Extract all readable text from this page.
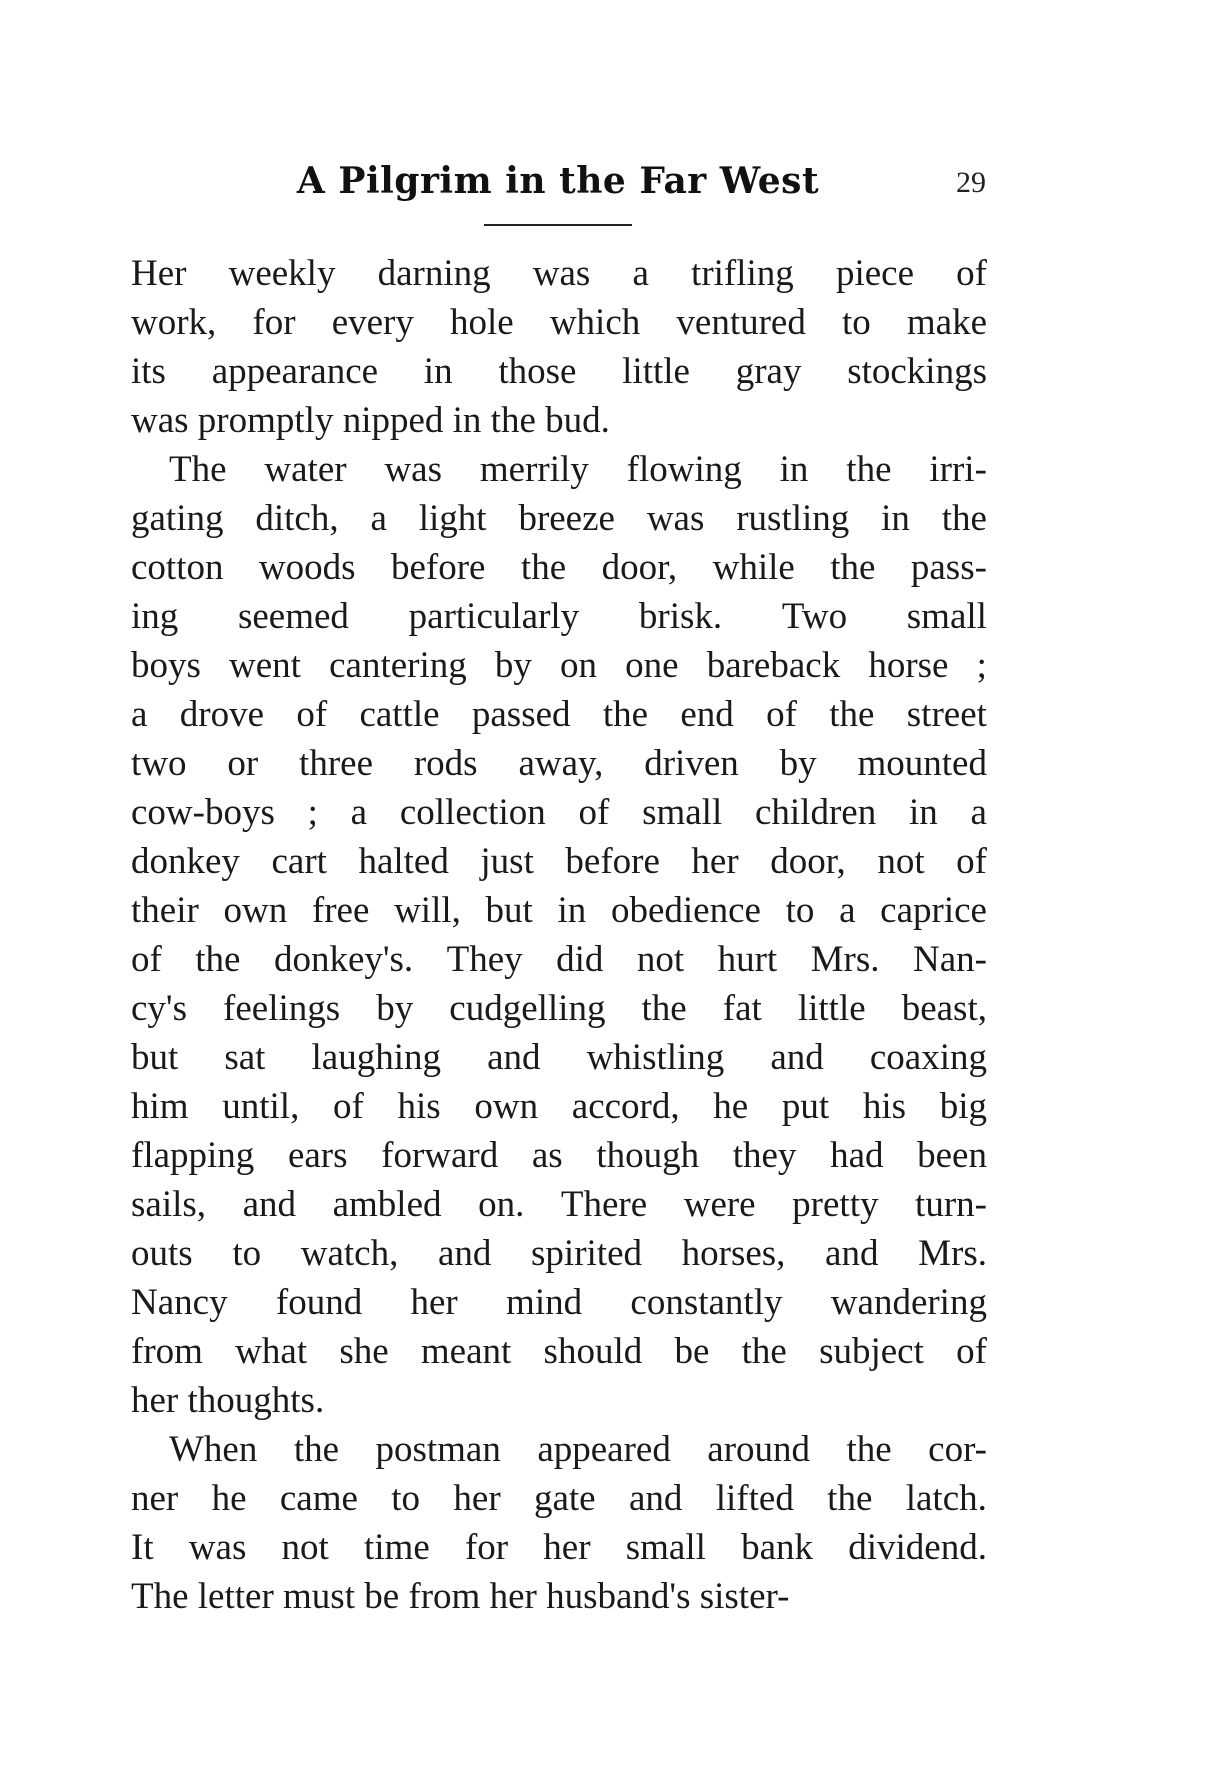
A Pilgrim in the Far West	29
Her weekly darning was a trifling piece of
work, for every hole which ventured to make
its appearance in those little gray stockings
was promptly nipped in the bud.
The water was merrily flowing in the irri-
gating ditch, a light breeze was rustling in the
cotton woods before the door, while the pass-
ing seemed particularly brisk. Two small
boys went cantering by on one bareback horse ;
a drove of cattle passed the end of the street
two or three rods away, driven by mounted
cow-boys ; a collection of small children in a
donkey cart halted just before her door, not of
their own free will, but in obedience to a caprice
of the donkey's. They did not hurt Mrs. Nan-
cy's feelings by cudgelling the fat little beast,
but sat laughing and whistling and coaxing
him until, of his own accord, he put his big
flapping ears forward as though they had been
sails, and ambled on. There were pretty turn-
outs to watch, and spirited horses, and Mrs.
Nancy found her mind constantly wandering
from what she meant should be the subject of
her thoughts.
When the postman appeared around the cor-
ner he came to her gate and lifted the latch.
It was not time for her small bank dividend.
The letter must be from her husband's sister-
